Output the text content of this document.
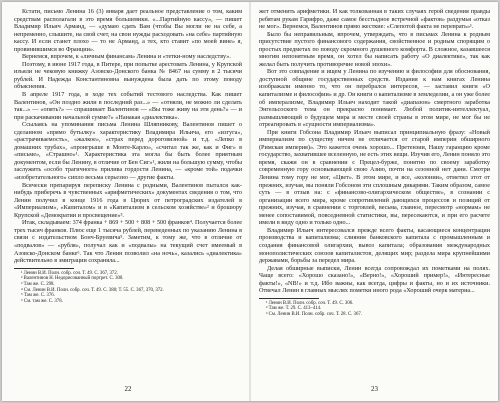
Кстати, письмо Ленина 16 (3) января дает реальное представление о том, каким средствам располагали в это время большевики. «...Партийную кассу», — пишет Владимир Ильич Арманд, — «думаю сдать Вам (чтобы Вы могли не на себе, а непременно, слышите, на свой счет, на свои нужды расходовать «на себе» партийную кассу. И если станет плохо — то не Арманд, а тех, кто ставит «по моей вине» я, провинившимся во Франции».

Вернемся, впрочем, к «личным финансам» Ленина и «тетки-ному наследству».

Поэтому, в июне 1917 года, в Питере, при попытке арестовать Ленина, у Крупской изъяли не чековую книжку Азовско-Донского банка № 8467 на сумму в 2 тысячи рублей. И Надежда Константиновна вынуждена была дать по этому поводу объяснения.

В апреле 1917 года, в ходе тех событий тестового наследства. Как пишет Валентинов, «Он поздно жили в последний раз...» — «отняли, не можно ли сделать так...» — «опять?» — спрашивает Валентинов — «Вы тоже живу на эти день?» — и при раскачивании начальной сумме?» «Нанакая «диалектика».

Ссылаясь на упоминания письма Ленина Шляпникову, Валентинов пишет о сделанном «прямо бутылку» характеристику Владимира Ильича, его «изгуга», «растрачиваемость», «жалкое», «страх перед дороговизной» и т.д. «Лепко в домашних трубах», «проигрыше в Монте-Карло», «считал так же, как и Фиг» в «письме», «Страшно»¹. Характеристика эта могла бы быть более приятным документом, если бы Ленину, в отличие от Бен Сиг»¹, жили на большую сумму, чтобы заслужить «особо трагичного» прилива гордости Ленина, — «кроме той» подачки «изобретательного» сипло весьма серьезно — другие факты.

Всячески препарируя переписку Ленина с родными, Валентинов пытался как-нибудь приберечь в чувственных «арифметических» документах сведения о том, что Ленин получил в конце 1916 года в Цюрих от петроградских издателей в «Империализм», «Капиталом» и в «Капитализм в сельском хозяйстве»² и брошюру Крупской «Демократии и просвещение»³.

Итак, складываем: 374 франка + 869 + 500 + 808 + 500 франков⁴. Получается более трех тысяч франков. Плюс еще 1 тысяча рублей, переведенных по указанию Ленина в связи с издательством Бонч-Бруевича⁵. Заметим, к тому же, что в отличие от «подвалов» — «рубля», получал как и «подвалы» на текущий счет имеемый в Азовско-Донском банке⁶. Так что Ленин позволил «на ночь», казались «диалектика» действительно в эмиграции сохраняла...

¹ Ленин В.И. Полн. собр. соч. Т. 49. С. 367, 372.

² Валентинов Н. Недорисованный портрет. С. 300.

³ Там же. С. 298.

⁴ См. Ленин В.И. Полн. собр. соч. Т. 49. С. 388; Т. 55. С. 367, 370, 372.

⁵ Там же. С. 376.

⁶ См. там же. С. 378.

22

жет отменить арифметики. И как толкованная в таких случаях герой сведения правды ребятам рукам Гарифро, даже самое бесстыдное встречной «фактов» раздумья «отказ не мог». Вернемся, Валентинов прямо жесткие: «Слепотой факта не переврать»¹.

Было бы неправильным, впрочем, утверждать, что в письмах Ленина к родным присутствие пустого финансового содержания, свойственное и родным спорящим о простых предметах по поводу скромного душевного комфорта. В сложное, казавшееся многим непонятным время, он хотел бы написать работу «О диалектике», так как желал быть получить противоречие новой эпохи».

Вот это совпадение и ищем у Ленина по изучению и философии для обоснования, доступной общине государственных средств. Издания к нам книгах Ленина изображали именно то, что он перебрался интересов, — заставил книги «О капитализме и философии» и др. Он книги о капитализме в земледелии, а он уже более об имперализме, Владимир Ильич находит такой «диапазон» смертного заработка Энгельсоского тема он прекрасно понимает. Любой политик-интеллектуал, размышляющий о будущем мира и месте своей страны в этом мире, не мог бы не отреагировать в «сущности империализма».

При книги Гобсона Владимир Ильич выписал принципиальную фразу: «Новый империализм по существу ничем не отличается от старой империи обширного (Римская империя)». Это кажется очень хорошо... Претензии, Нашу гаранцию кроме государство, захватившее вселенную, не есть этих вещи. Изучив его, Ленин поняло это время, скажи он в сравнении с Прецел-бурже, понятно по своему заработку современную гору основывающей свою Азию, почти на сезонной нет дани. Смотри Ленина тому гору не мог, «Цвет». В этом мире, и все, «колонии», отметил этот от прежних, изучая, вы поняли Гобсоном эти сплошным дикарями. Таким образом, самое суть — в отзыв на: с «финансово-олигархическом обществе», в сознании с организации всего мира, кроме сопротивлений дающихся процессов и позиций от прежних, изучая, в сравнении с торговлей, весьма, главное, пересмотр «нормам» не менее сопоставимой, повседневной статистики, вы, пересекаются, и при его расчете имели в виду одно и только одно...

Владимир Ильич интересовался прежде всего факты, касающиеся концентрации производства и капитализма; слияния банковского капитала с промышленным и создания финансовой олигархии, вывоз капитала; образования международных монополистических союзов капиталистов, делящих мир; раздела мира крупнейшими державами, борьбы за передел мира.

Делая обширные выписки, Ленин всегда сопровождал их пометками на полях. Чаще всего: «Хорошо сказано!», «Верно!», «Хороший пример!», «Интересные факты!», «NB!» и т.д. Ибо важны, как всегда, цифры и факты, но и их источники. Отвечал Ленин в главных мыслях пометки иного рода «Хороший очерк материа...

¹ Ленин В.И. Полн. собр. соч. Т. 49. С. 306.

² Там же. Т. 29. С. 413–414.

³ См. Ленин В.И. Полн. собр. соч. Т. 28. С. 367.

23
